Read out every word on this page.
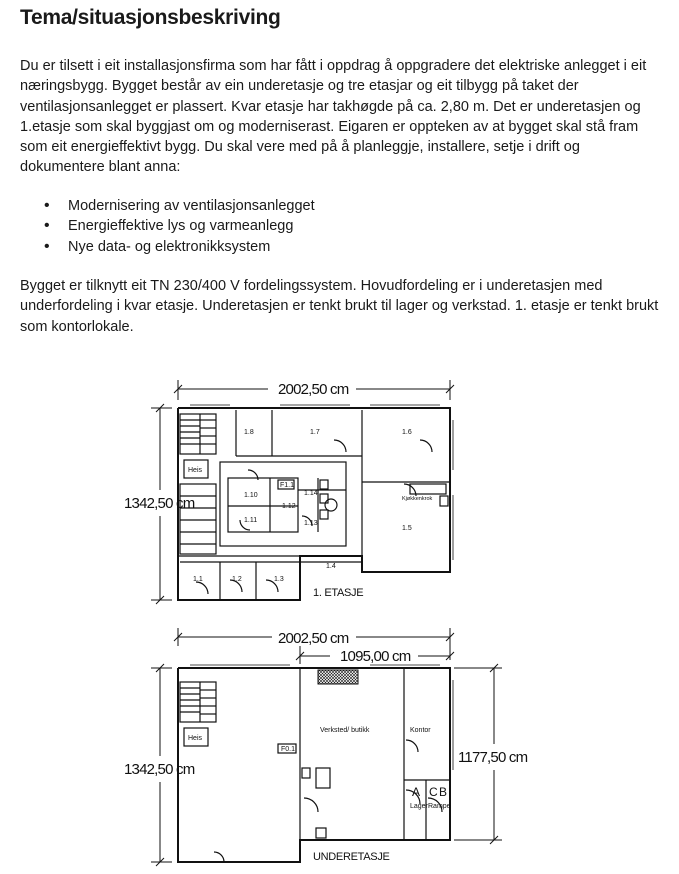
Tema/situasjonsbeskriving

Du er tilsett i eit installasjonsfirma som har fått i oppdrag å oppgradere det elektriske anlegget i eit næringsbygg. Bygget består av ein underetasje og tre etasjar og eit tilbygg på taket der ventilasjonsanlegget er plassert. Kvar etasje har takhøgde på ca. 2,80 m. Det er underetasjen og 1.etasje som skal byggjast om og moderniserast. Eigaren er oppteken av at bygget skal stå fram som eit energieffektivt bygg. Du skal vere med på å planleggje, installere, setje i drift og dokumentere blant anna:

• Modernisering av ventilasjonsanlegget
• Energieffektive lys og varmeanlegg
• Nye data- og elektronikksystem

Bygget er tilknytt eit TN 230/400 V fordelingssystem. Hovudfordeling er i underetasjen med underfordeling i kvar etasje. Underetasjen er tenkt brukt til lager og verkstad. 1. etasje er tenkt brukt som kontorlokale.

2002,50 cm
1342,50 cm
1.8	1.7	1.6
Heis
F1.1
1.10
1.11
1.12
1.13
1.14
Kjøkkenkrok
1.5
1.4
1.1	1.2	1.3
1. ETASJE
2002,50 cm
1095,00 cm
1342,50 cm
1177,50 cm
Heis
F0.1
Verksted/ butikk	Kontor
A
Lager
C B
Rampe
UNDERETASJE
